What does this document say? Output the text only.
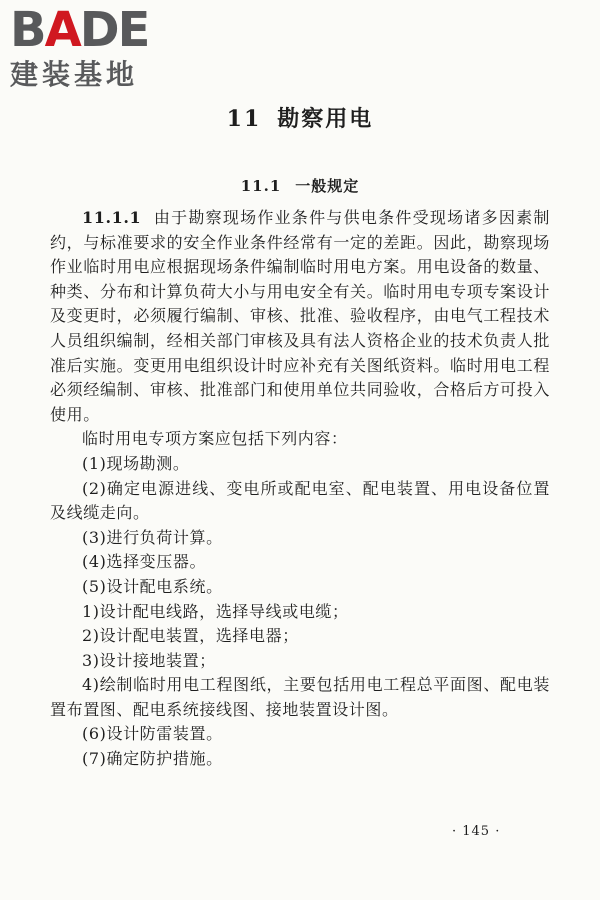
BADE
建装基地
11 勘察用电
11.1 一般规定

11.1.1 由于勘察现场作业条件与供电条件受现场诸多因素制约，与标准要求的安全作业条件经常有一定的差距。因此，勘察现场作业临时用电应根据现场条件编制临时用电方案。用电设备的数量、种类、分布和计算负荷大小与用电安全有关。临时用电专项专案设计及变更时，必须履行编制、审核、批准、验收程序，由电气工程技术人员组织编制，经相关部门审核及具有法人资格企业的技术负责人批准后实施。变更用电组织设计时应补充有关图纸资料。临时用电工程必须经编制、审核、批准部门和使用单位共同验收，合格后方可投入使用。

临时用电专项方案应包括下列内容：

(1)现场勘测。

(2)确定电源进线、变电所或配电室、配电装置、用电设备位置及线缆走向。

(3)进行负荷计算。

(4)选择变压器。

(5)设计配电系统。

1)设计配电线路，选择导线或电缆；

2)设计配电装置，选择电器；

3)设计接地装置；

4)绘制临时用电工程图纸，主要包括用电工程总平面图、配电装置布置图、配电系统接线图、接地装置设计图。

(6)设计防雷装置。

(7)确定防护措施。

· 145 ·
